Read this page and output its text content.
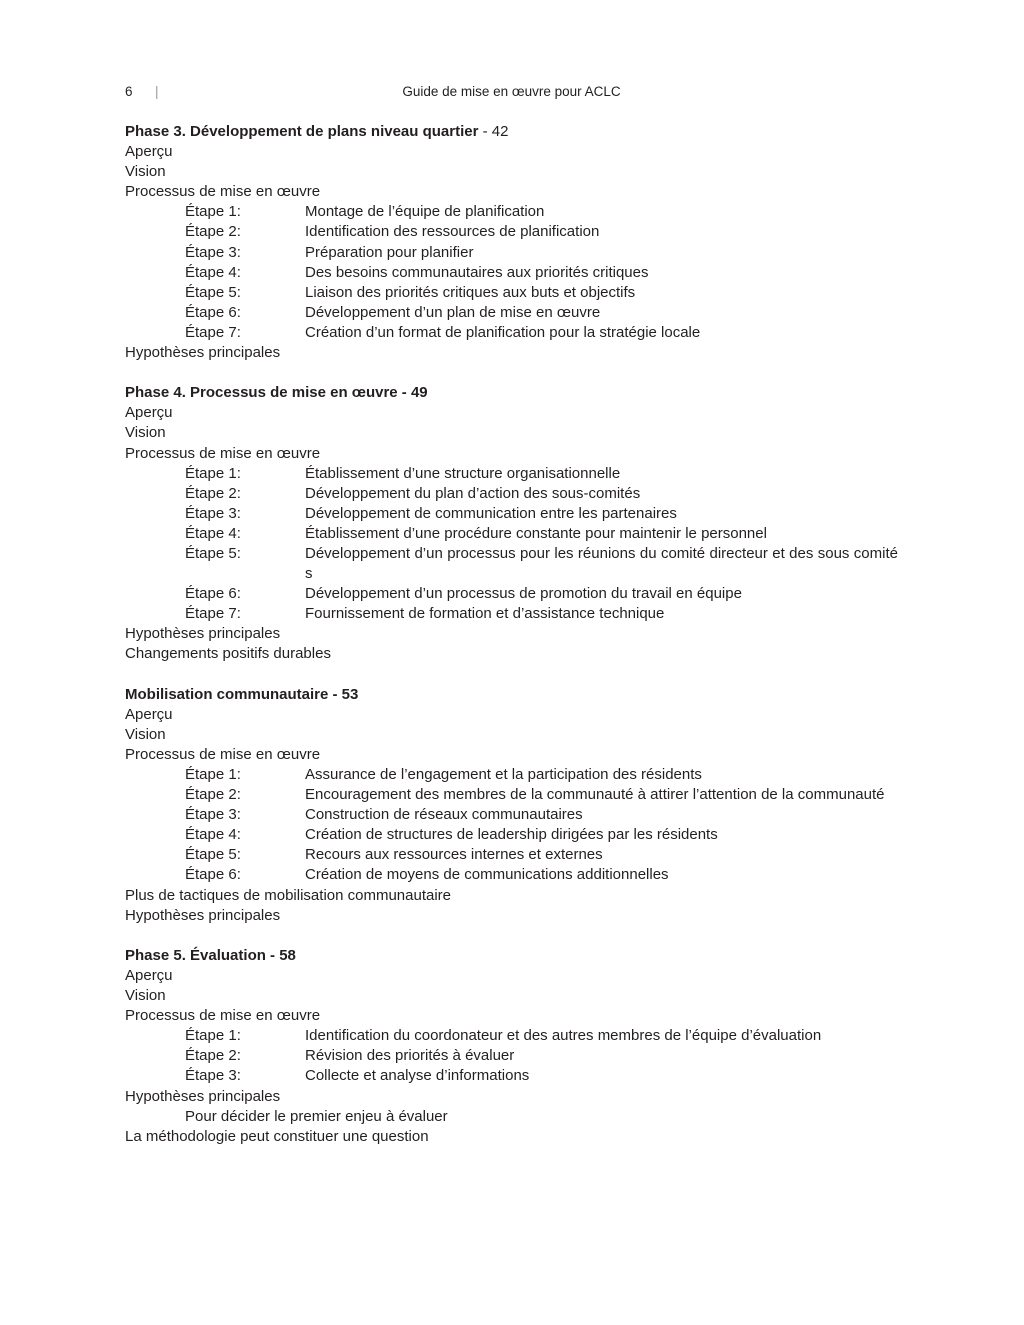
6 |	Guide de mise en œuvre pour ACLC
Phase 3. Développement de plans niveau quartier - 42
Aperçu
Vision
Processus de mise en œuvre
Étape 1:	Montage de l’équipe de planification
Étape 2:	Identification des ressources de planification
Étape 3:	Préparation pour planifier
Étape 4:	Des besoins communautaires aux priorités critiques
Étape 5:	Liaison des priorités critiques aux buts et objectifs
Étape 6:	Développement d’un plan de mise en œuvre
Étape 7:	Création d’un format de planification pour la stratégie locale
Hypothèses principales
Phase 4. Processus de mise en œuvre - 49
Aperçu
Vision
Processus de mise en œuvre
Étape 1:	Établissement d’une structure organisationnelle
Étape 2:	Développement du plan d’action des sous-comités
Étape 3:	Développement de communication entre les partenaires
Étape 4:	Établissement d’une procédure constante pour maintenir le personnel
Étape 5:	Développement d’un processus pour les réunions du comité directeur et des sous comité s
Étape 6:	Développement d’un processus de promotion du travail en équipe
Étape 7:	Fournissement de formation et d’assistance technique
Hypothèses principales
Changements positifs durables
Mobilisation communautaire - 53
Aperçu
Vision
Processus de mise en œuvre
Étape 1:	Assurance de l’engagement et la participation des résidents
Étape 2:	Encouragement des membres de la communauté à attirer l’attention de la communauté
Étape 3:	Construction de réseaux communautaires
Étape 4:	Création de structures de leadership dirigées par les résidents
Étape 5:	Recours aux ressources internes et externes
Étape 6:	Création de moyens de communications additionnelles
Plus de tactiques de mobilisation communautaire
Hypothèses principales
Phase 5. Évaluation - 58
Aperçu
Vision
Processus de mise en œuvre
Étape 1:	Identification du coordonateur et des autres membres de l’équipe d’évaluation
Étape 2:	Révision des priorités à évaluer
Étape 3:	Collecte et analyse d’informations
Hypothèses principales
Pour décider le premier enjeu à évaluer
La méthodologie peut constituer une question
